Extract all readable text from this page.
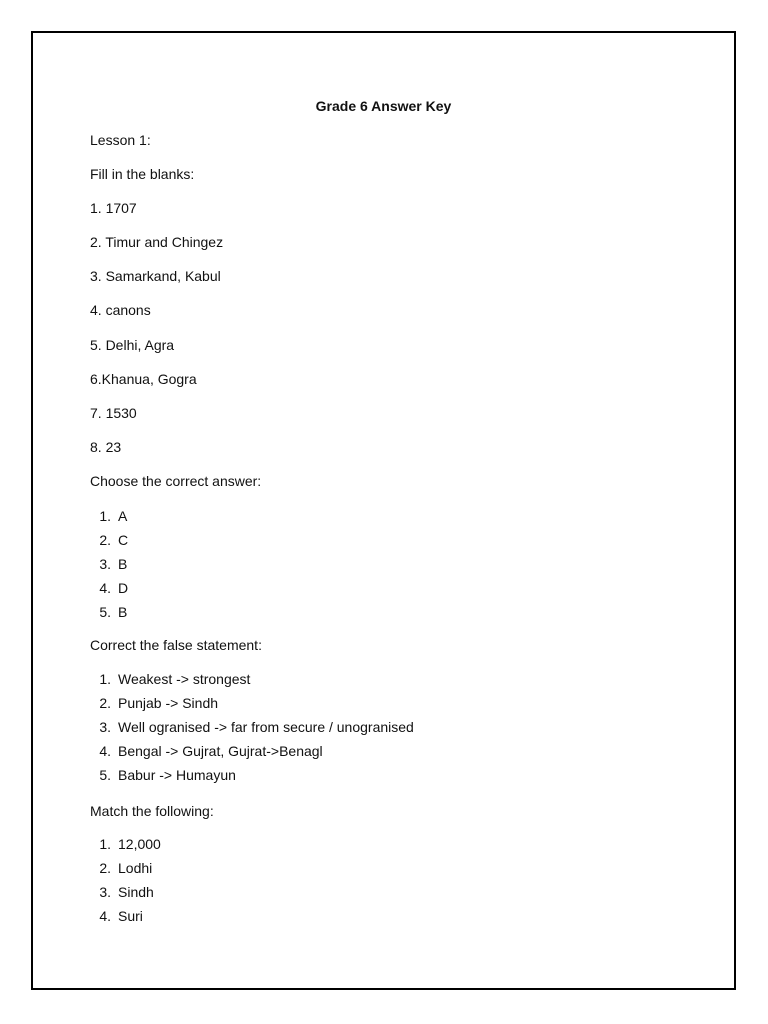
Grade 6 Answer Key
Lesson 1:
Fill in the blanks:
1. 1707
2. Timur and Chingez
3. Samarkand, Kabul
4. canons
5. Delhi, Agra
6.Khanua, Gogra
7. 1530
8. 23
Choose the correct answer:
1. A
2. C
3. B
4. D
5. B
Correct the false statement:
1. Weakest -> strongest
2. Punjab -> Sindh
3. Well ogranised -> far from secure / unogranised
4. Bengal -> Gujrat, Gujrat->Benagl
5. Babur -> Humayun
Match the following:
1. 12,000
2. Lodhi
3. Sindh
4. Suri
